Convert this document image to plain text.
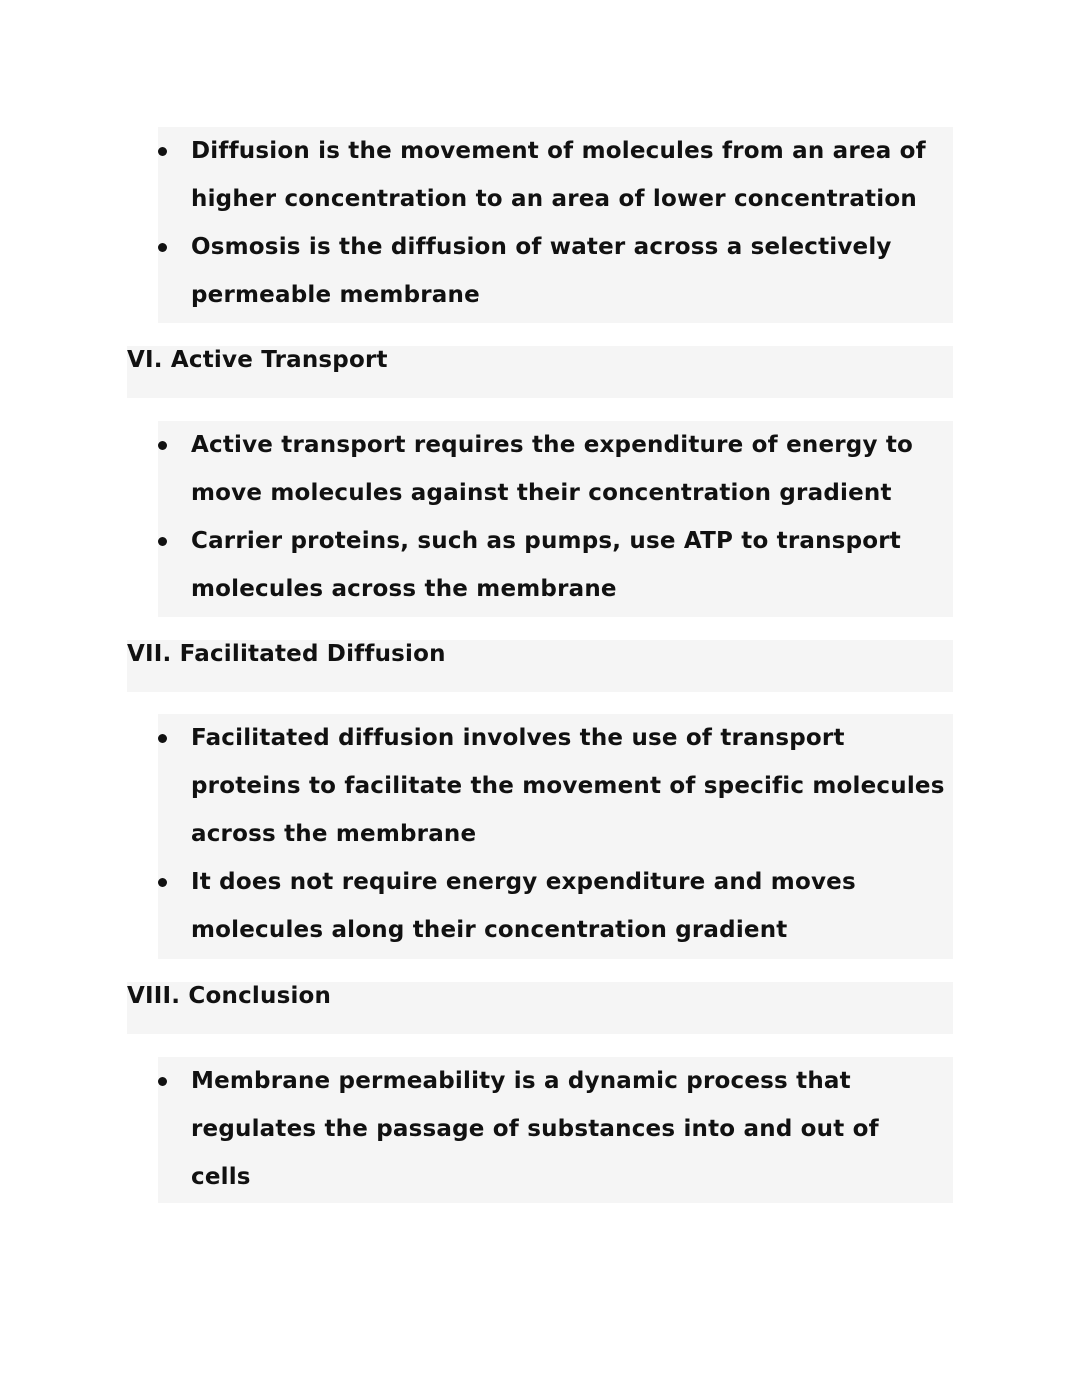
Diffusion is the movement of molecules from an area of
higher concentration to an area of lower concentration
Osmosis is the diffusion of water across a selectively
permeable membrane
VI. Active Transport
Active transport requires the expenditure of energy to
move molecules against their concentration gradient
Carrier proteins, such as pumps, use ATP to transport
molecules across the membrane
VII. Facilitated Diffusion
Facilitated diffusion involves the use of transport
proteins to facilitate the movement of specific molecules
across the membrane
It does not require energy expenditure and moves
molecules along their concentration gradient
VIII. Conclusion
Membrane permeability is a dynamic process that
regulates the passage of substances into and out of
cells
